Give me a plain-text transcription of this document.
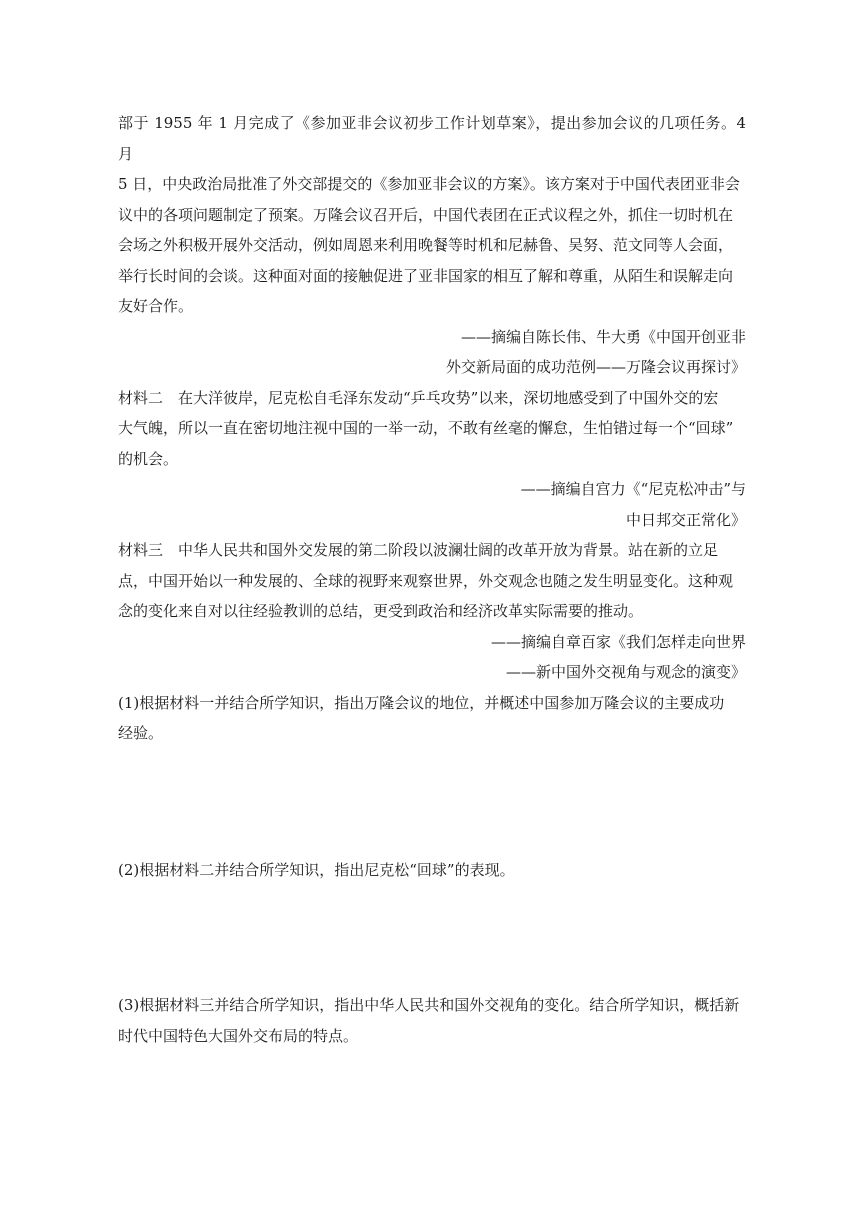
部于 1955 年 1 月完成了《参加亚非会议初步工作计划草案》，提出参加会议的几项任务。4 月

5 日，中央政治局批准了外交部提交的《参加亚非会议的方案》。该方案对于中国代表团亚非会

议中的各项问题制定了预案。万隆会议召开后，中国代表团在正式议程之外，抓住一切时机在

会场之外积极开展外交活动，例如周恩来利用晚餐等时机和尼赫鲁、吴努、范文同等人会面，

举行长时间的会谈。这种面对面的接触促进了亚非国家的相互了解和尊重，从陌生和误解走向

友好合作。

——摘编自陈长伟、牛大勇《中国开创亚非
外交新局面的成功范例——万隆会议再探讨》

材料二 在大洋彼岸，尼克松自毛泽东发动“乒乓攻势”以来，深切地感受到了中国外交的宏

大气魄，所以一直在密切地注视中国的一举一动，不敢有丝毫的懈怠，生怕错过每一个“回球”

的机会。

——摘编自宫力《“尼克松冲击”与
中日邦交正常化》

材料三 中华人民共和国外交发展的第二阶段以波澜壮阔的改革开放为背景。站在新的立足

点，中国开始以一种发展的、全球的视野来观察世界，外交观念也随之发生明显变化。这种观

念的变化来自对以往经验教训的总结，更受到政治和经济改革实际需要的推动。

——摘编自章百家《我们怎样走向世界
——新中国外交视角与观念的演变》

(1)根据材料一并结合所学知识，指出万隆会议的地位，并概述中国参加万隆会议的主要成功

经验。

(2)根据材料二并结合所学知识，指出尼克松“回球”的表现。

(3)根据材料三并结合所学知识，指出中华人民共和国外交视角的变化。结合所学知识，概括新

时代中国特色大国外交布局的特点。
